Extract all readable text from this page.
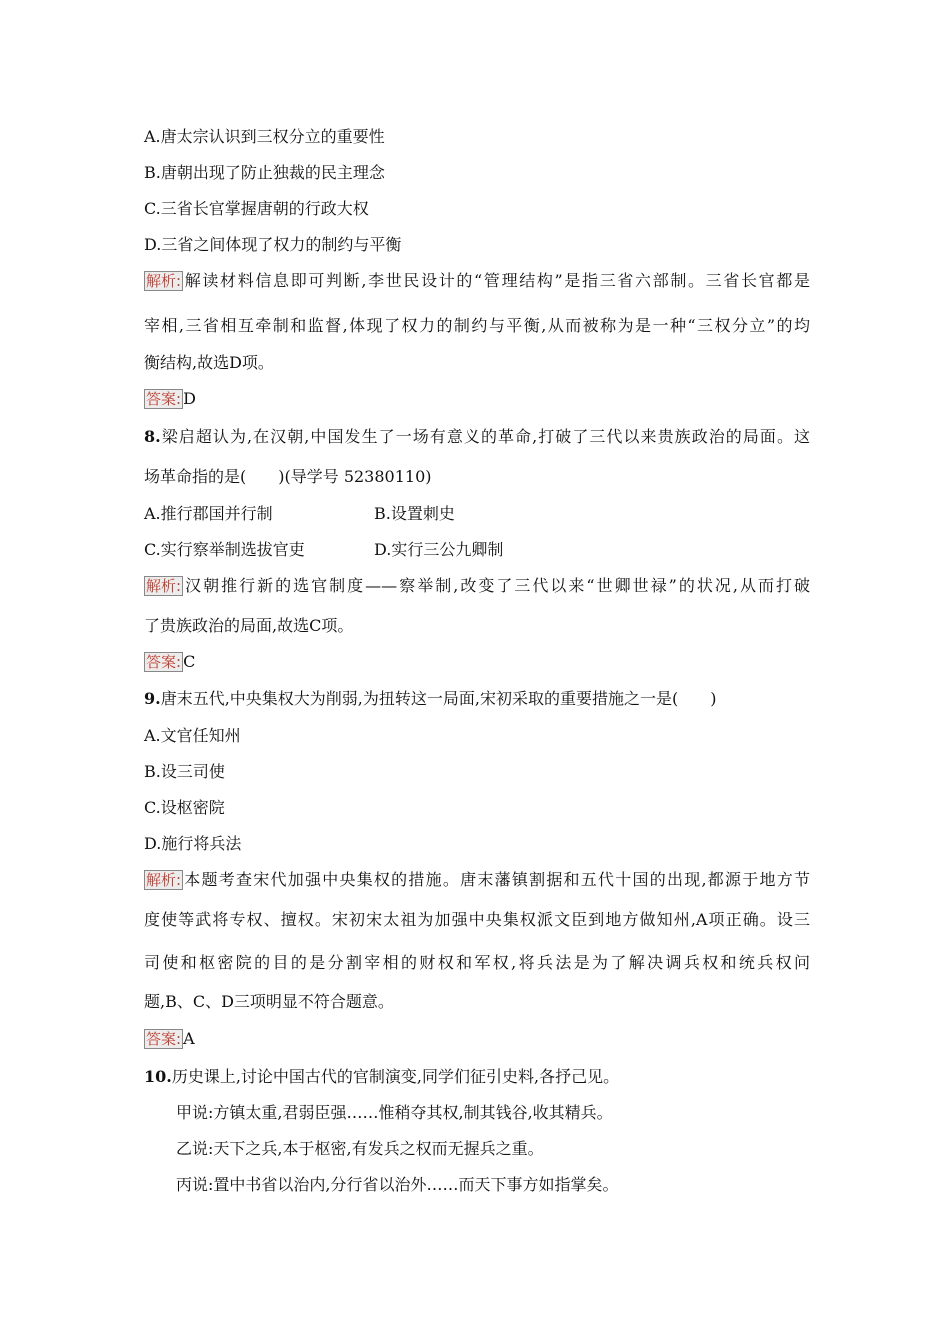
A.唐太宗认识到三权分立的重要性
B.唐朝出现了防止独裁的民主理念
C.三省长官掌握唐朝的行政大权
D.三省之间体现了权力的制约与平衡
解析: 解读材料信息即可判断,李世民设计的“管理结构”是指三省六部制。三省长官都是
宰相,三省相互牵制和监督,体现了权力的制约与平衡,从而被称为是一种“三权分立”的均
衡结构,故选D项。
答案: D
8.梁启超认为,在汉朝,中国发生了一场有意义的革命,打破了三代以来贵族政治的局面。这
场革命指的是(　　)(导学号 52380110)
A.推行郡国并行制	B.设置刺史
C.实行察举制选拔官吏	D.实行三公九卿制
解析: 汉朝推行新的选官制度——察举制,改变了三代以来“世卿世禄”的状况,从而打破
了贵族政治的局面,故选C项。
答案: C
9.唐末五代,中央集权大为削弱,为扭转这一局面,宋初采取的重要措施之一是(　　)
A.文官任知州
B.设三司使
C.设枢密院
D.施行将兵法
解析: 本题考查宋代加强中央集权的措施。唐末藩镇割据和五代十国的出现,都源于地方节
度使等武将专权、擅权。宋初宋太祖为加强中央集权派文臣到地方做知州,A项正确。设三
司使和枢密院的目的是分割宰相的财权和军权,将兵法是为了解决调兵权和统兵权问
题,B、C、D三项明显不符合题意。
答案: A
10.历史课上,讨论中国古代的官制演变,同学们征引史料,各抒己见。
甲说:方镇太重,君弱臣强……惟稍夺其权,制其钱谷,收其精兵。
乙说:天下之兵,本于枢密,有发兵之权而无握兵之重。
丙说:置中书省以治内,分行省以治外……而天下事方如指掌矣。
